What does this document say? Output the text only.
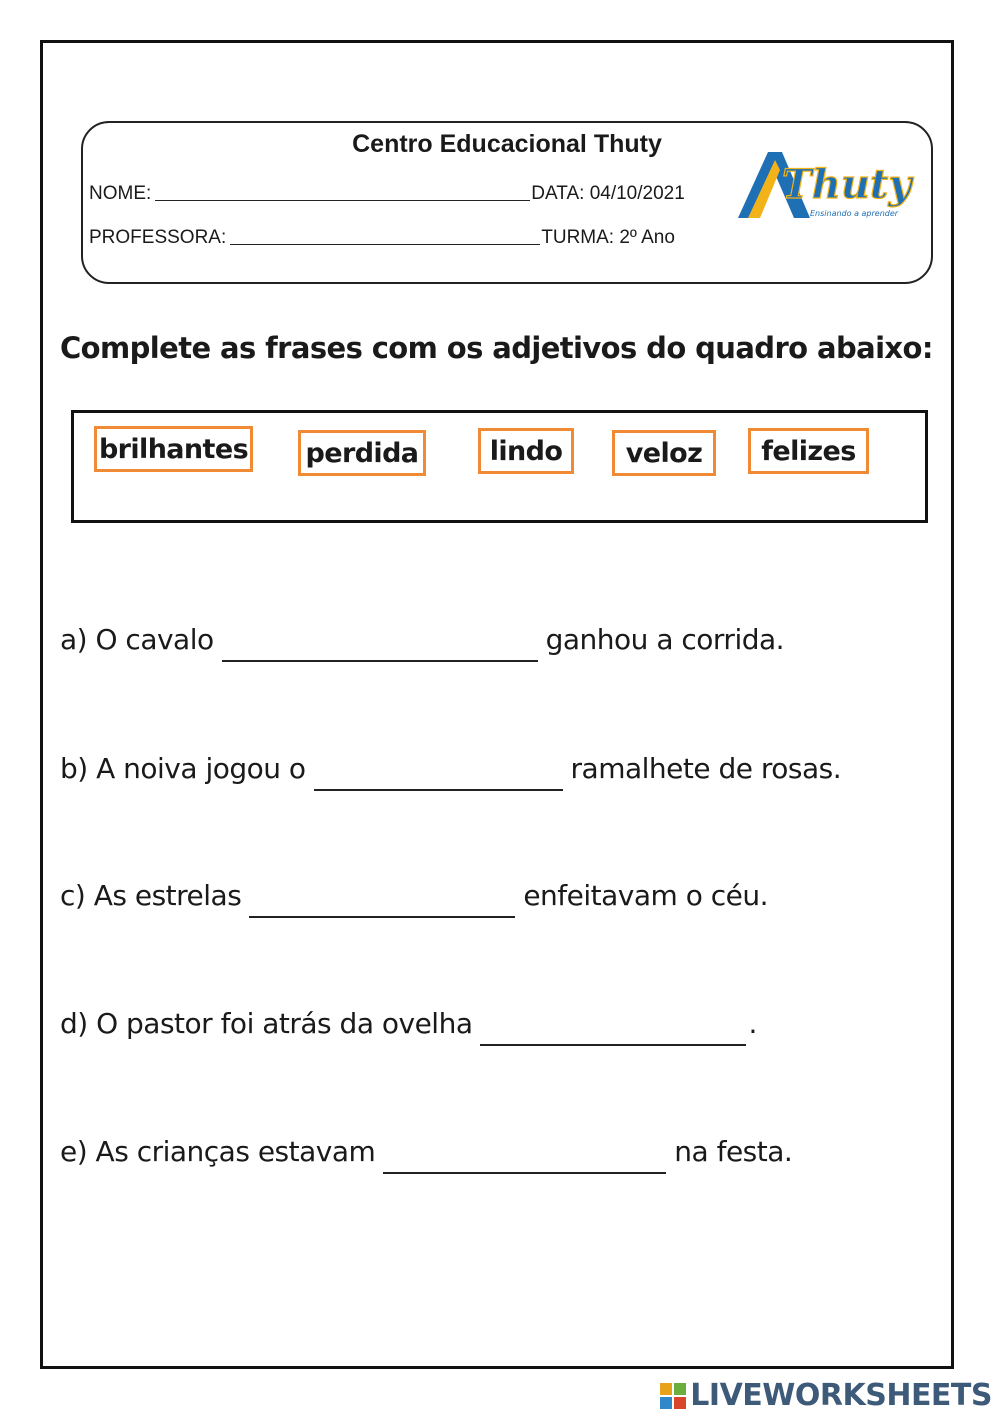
Centro Educacional Thuty
NOME:	DATA: 04/10/2021
PROFESSORA:	TURMA: 2º Ano
Thuty
Ensinando a aprender
Complete as frases com os adjetivos do quadro abaixo:
brilhantes perdida	lindo	veloz	felizes
a) O cavalo	ganhou a corrida.
b) A noiva jogou o	ramalhete de rosas.
c) As estrelas	enfeitavam o céu.
d) O pastor foi atrás da ovelha	.
e) As crianças estavam	na festa.
LIVEWORKSHEETS
